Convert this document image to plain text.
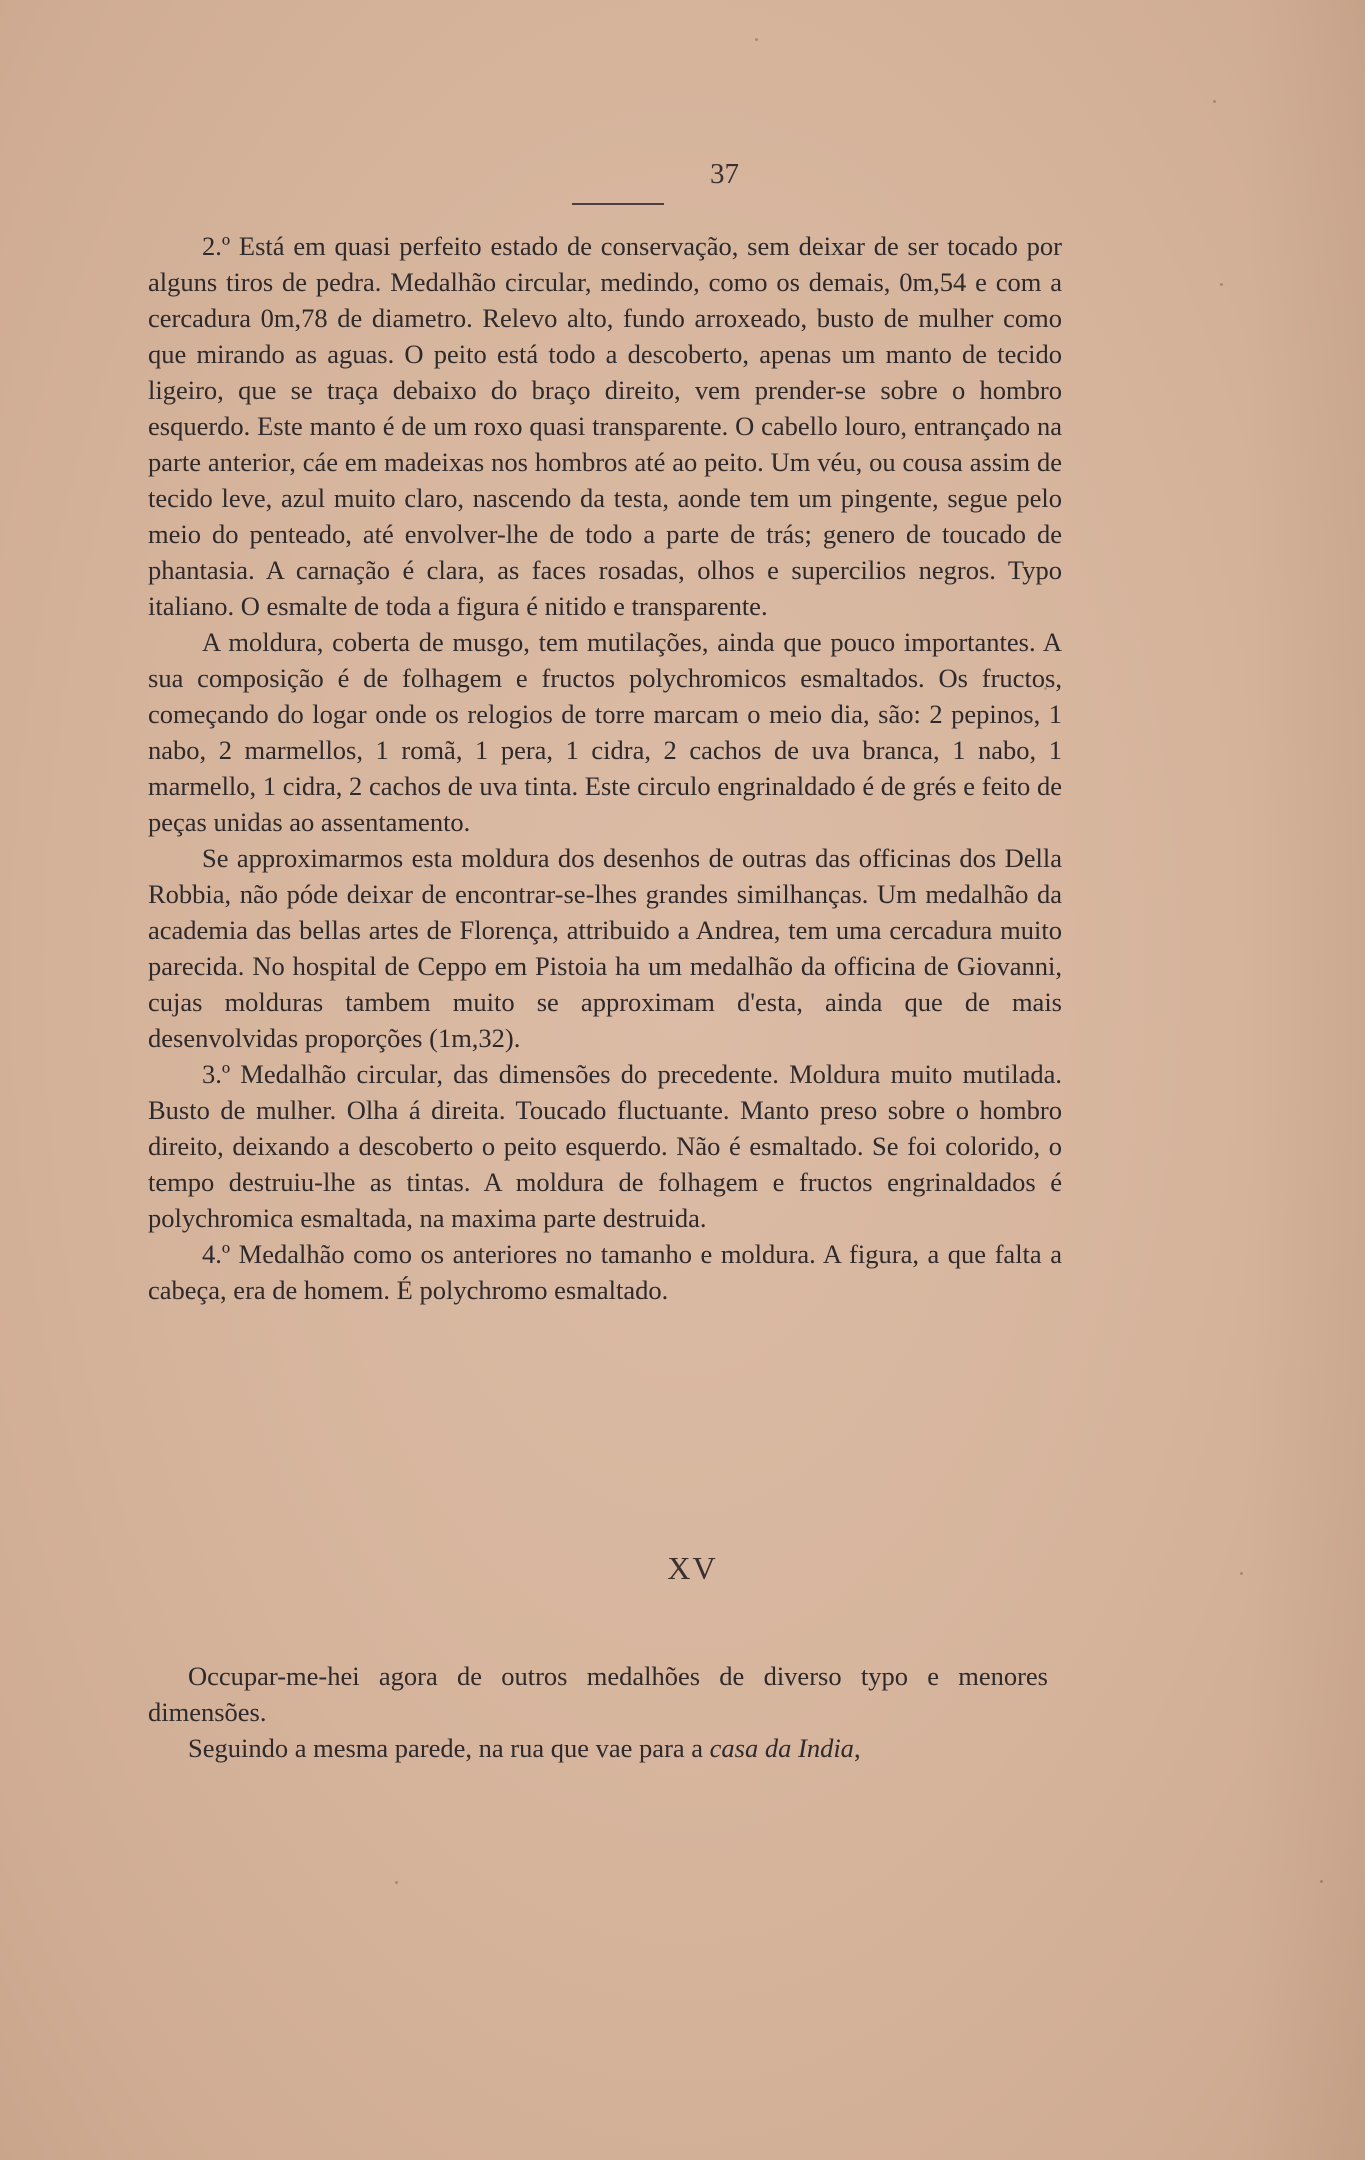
37

2.º Está em quasi perfeito estado de conservação, sem deixar de ser tocado por alguns tiros de pedra. Medalhão circular, medindo, como os demais, 0m,54 e com a cercadura 0m,78 de diametro. Relevo alto, fundo arroxeado, busto de mulher como que mirando as aguas. O peito está todo a descoberto, apenas um manto de tecido ligeiro, que se traça debaixo do braço direito, vem prender-se sobre o hombro esquerdo. Este manto é de um roxo quasi transparente. O cabello louro, entrançado na parte anterior, cáe em madeixas nos hombros até ao peito. Um véu, ou cousa assim de tecido leve, azul muito claro, nascendo da testa, aonde tem um pingente, segue pelo meio do penteado, até envolver-lhe de todo a parte de trás; genero de toucado de phantasia. A carnação é clara, as faces rosadas, olhos e supercilios negros. Typo italiano. O esmalte de toda a figura é nitido e transparente.

A moldura, coberta de musgo, tem mutilações, ainda que pouco importantes. A sua composição é de folhagem e fructos polychromicos esmaltados. Os fructos, começando do logar onde os relogios de torre marcam o meio dia, são: 2 pepinos, 1 nabo, 2 marmellos, 1 romã, 1 pera, 1 cidra, 2 cachos de uva branca, 1 nabo, 1 marmello, 1 cidra, 2 cachos de uva tinta. Este circulo engrinaldado é de grés e feito de peças unidas ao assentamento.

Se approximarmos esta moldura dos desenhos de outras das officinas dos Della Robbia, não póde deixar de encontrar-se-lhes grandes similhanças. Um medalhão da academia das bellas artes de Florença, attribuido a Andrea, tem uma cercadura muito parecida. No hospital de Ceppo em Pistoia ha um medalhão da officina de Giovanni, cujas molduras tambem muito se approximam d'esta, ainda que de mais desenvolvidas proporções (1m,32).

3.º Medalhão circular, das dimensões do precedente. Moldura muito mutilada. Busto de mulher. Olha á direita. Toucado fluctuante. Manto preso sobre o hombro direito, deixando a descoberto o peito esquerdo. Não é esmaltado. Se foi colorido, o tempo destruiu-lhe as tintas. A moldura de folhagem e fructos engrinaldados é polychromica esmaltada, na maxima parte destruida.

4.º Medalhão como os anteriores no tamanho e moldura. A figura, a que falta a cabeça, era de homem. É polychromo esmaltado.

XV

Occupar-me-hei agora de outros medalhões de diverso typo e menores dimensões.

Seguindo a mesma parede, na rua que vae para a casa da India,
